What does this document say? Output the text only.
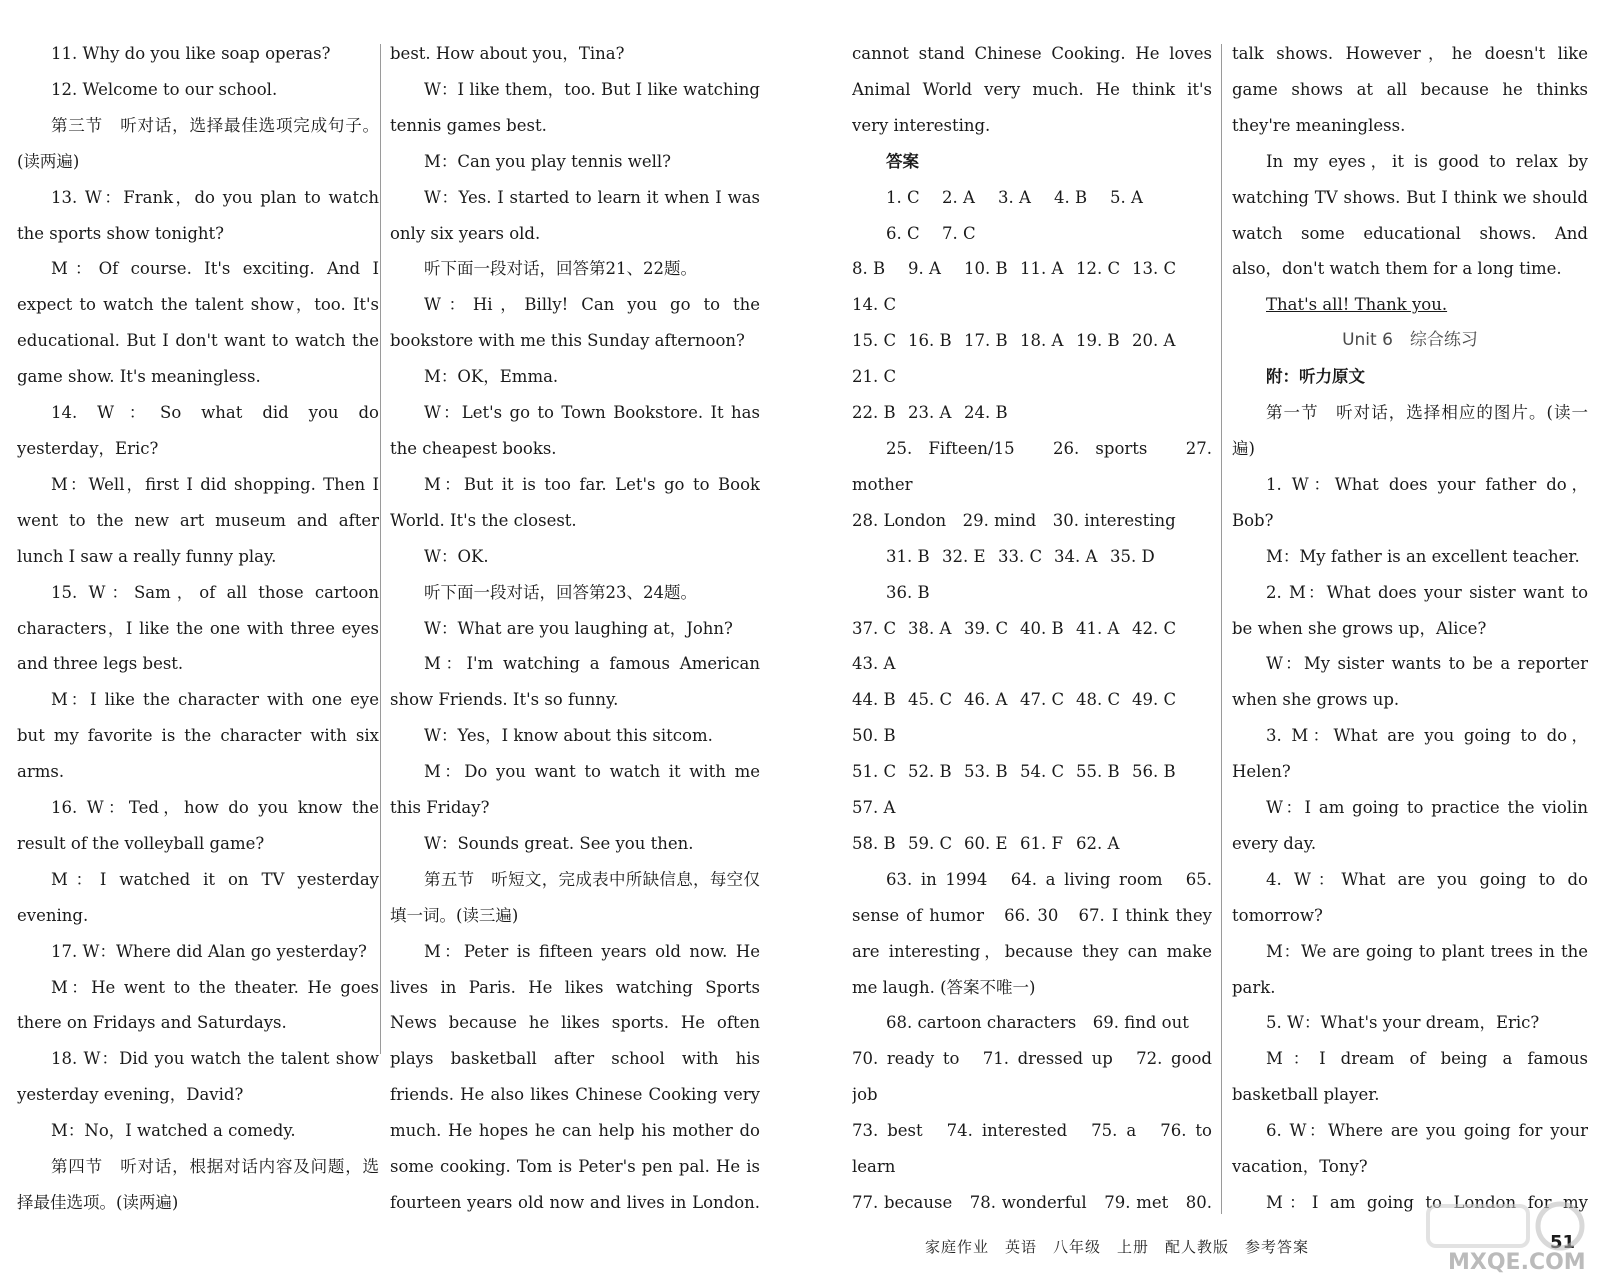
11. Why do you like soap operas?

12. Welcome to our school.

第三节　听对话，选择最佳选项完成句子。(读两遍)

13. W：Frank，do you plan to watch the sports show tonight?

M：Of course. It's exciting. And I expect to watch the talent show，too. It's educational. But I don't want to watch the game show. It's meaningless.

14. W：So what did you do yesterday，Eric?

M：Well，first I did shopping. Then I went to the new art museum and after lunch I saw a really funny play.

15. W：Sam，of all those cartoon characters，I like the one with three eyes and three legs best.

M：I like the character with one eye but my favorite is the character with six arms.

16. W：Ted，how do you know the result of the volleyball game?

M：I watched it on TV yesterday evening.

17. W：Where did Alan go yesterday?

M：He went to the theater. He goes there on Fridays and Saturdays.

18. W：Did you watch the talent show yesterday evening，David?

M：No，I watched a comedy.

第四节　听对话，根据对话内容及问题，选择最佳选项。(读两遍)

best. How about you，Tina?

W：I like them，too. But I like watching tennis games best.

M：Can you play tennis well?

W：Yes. I started to learn it when I was only six years old.

听下面一段对话，回答第21、22题。

W：Hi，Billy! Can you go to the bookstore with me this Sunday afternoon?

M：OK，Emma.

W：Let's go to Town Bookstore. It has the cheapest books.

M：But it is too far. Let's go to Book World. It's the closest.

W：OK.

听下面一段对话，回答第23、24题。

W：What are you laughing at，John?

M：I'm watching a famous American show Friends. It's so funny.

W：Yes，I know about this sitcom.

M：Do you want to watch it with me this Friday?

W：Sounds great. See you then.

第五节　听短文，完成表中所缺信息，每空仅填一词。(读三遍)

M：Peter is fifteen years old now. He lives in Paris. He likes watching Sports News because he likes sports. He often plays basketball after school with his friends. He also likes Chinese Cooking very much. He hopes he can help his mother do some cooking. Tom is Peter's pen pal. He is fourteen years old now and lives in London.

cannot stand Chinese Cooking. He loves Animal World very much. He think it's very interesting.

答案

1. C 2. A 3. A 4. B 5. A6. C 7. C

8. B 9. A 10. B 11. A 12. C 13. C14. C

15. C 16. B 17. B 18. A 19. B 20. A21. C

22. B 23. A 24. B

25. Fifteen/15　26. sports　27. mother

28. London　29. mind　30. interesting

31. B 32. E 33. C 34. A 35. D36. B

37. C 38. A 39. C 40. B 41. A 42. C43. A

44. B 45. C 46. A 47. C 48. C 49. C50. B

51. C 52. B 53. B 54. C 55. B 56. B57. A

58. B 59. C 60. E 61. F 62. A

63. in 1994　64. a living room　65. sense of humor　66. 30　67. I think they are interesting，because they can make me laugh. (答案不唯一)

68. cartoon characters　69. find out

70. ready to　71. dressed up　72. good job

73. best　74. interested　75. a　76. to learn

77. because　78. wonderful　79. met　80.

talk shows. However，he doesn't like game shows at all because he thinks they're meaningless.

In my eyes，it is good to relax by watching TV shows. But I think we should watch some educational shows. And also，don't watch them for a long time.

That's all! Thank you.

Unit 6　综合练习

附：听力原文

第一节　听对话，选择相应的图片。(读一遍)

1. W：What does your father do，Bob?

M：My father is an excellent teacher.

2. M：What does your sister want to be when she grows up，Alice?

W：My sister wants to be a reporter when she grows up.

3. M：What are you going to do，Helen?

W：I am going to practice the violin every day.

4. W：What are you going to do tomorrow?

M：We are going to plant trees in the park.

5. W：What's your dream，Eric?

M：I dream of being a famous basketball player.

6. W：Where are you going for your vacation，Tony?

M：I am going to London for my

家庭作业　英语　八年级　上册　配人教版　参考答案	51
MXQE.COM
